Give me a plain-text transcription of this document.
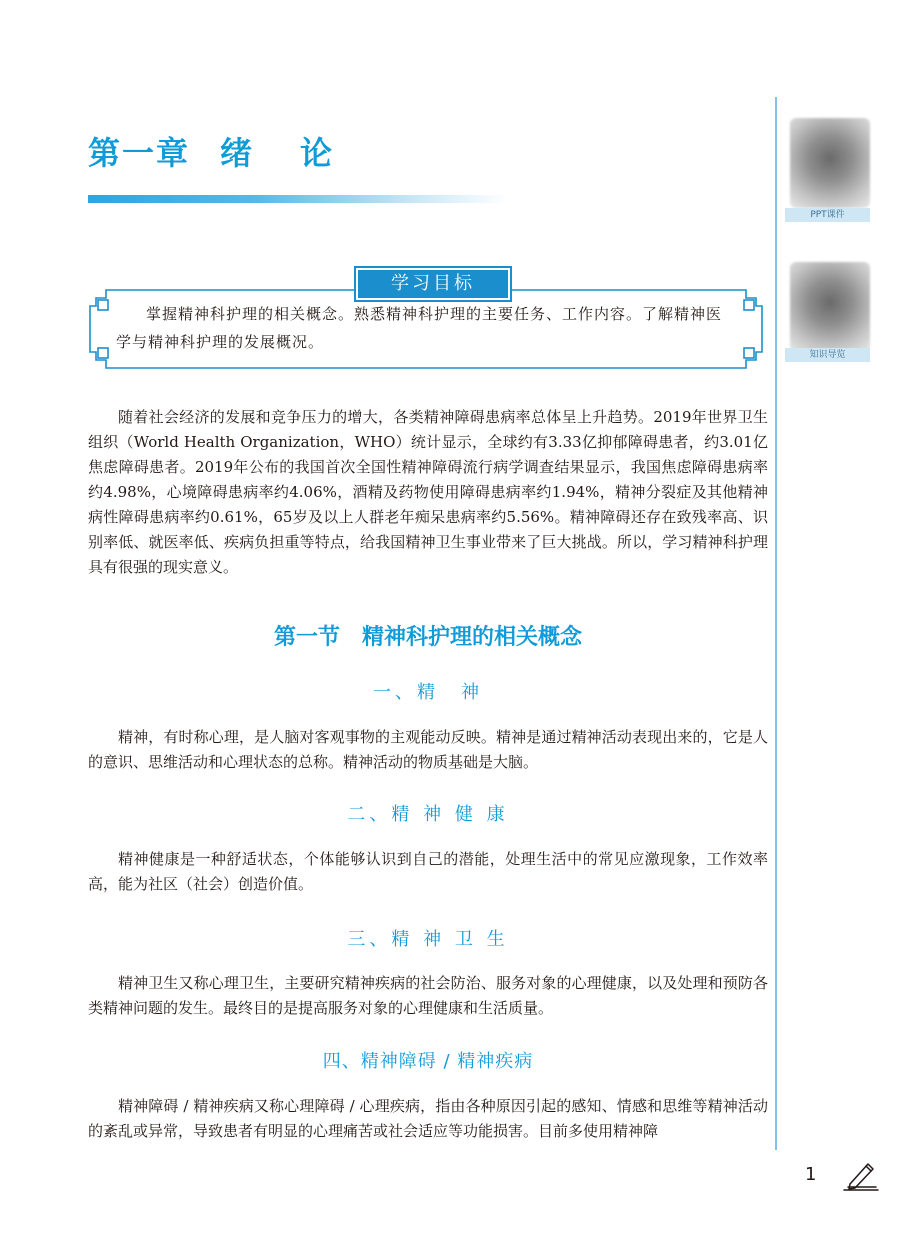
第一章 绪 论
PPT课件
知识导览
学习目标
掌握精神科护理的相关概念。熟悉精神科护理的主要任务、工作内容。了解精神医学与精神科护理的发展概况。
随着社会经济的发展和竞争压力的增大，各类精神障碍患病率总体呈上升趋势。2019年世界卫生组织（World Health Organization，WHO）统计显示，全球约有3.33亿抑郁障碍患者，约3.01亿焦虑障碍患者。2019年公布的我国首次全国性精神障碍流行病学调查结果显示，我国焦虑障碍患病率约4.98%，心境障碍患病率约4.06%，酒精及药物使用障碍患病率约1.94%，精神分裂症及其他精神病性障碍患病率约0.61%，65岁及以上人群老年痴呆患病率约5.56%。精神障碍还存在致残率高、识别率低、就医率低、疾病负担重等特点，给我国精神卫生事业带来了巨大挑战。所以，学习精神科护理具有很强的现实意义。
第一节　精神科护理的相关概念
一、精　神
精神，有时称心理，是人脑对客观事物的主观能动反映。精神是通过精神活动表现出来的，它是人的意识、思维活动和心理状态的总称。精神活动的物质基础是大脑。
二、精 神 健 康
精神健康是一种舒适状态，个体能够认识到自己的潜能，处理生活中的常见应激现象，工作效率高，能为社区（社会）创造价值。
三、精 神 卫 生
精神卫生又称心理卫生，主要研究精神疾病的社会防治、服务对象的心理健康，以及处理和预防各类精神问题的发生。最终目的是提高服务对象的心理健康和生活质量。
四、精神障碍 / 精神疾病
精神障碍 / 精神疾病又称心理障碍 / 心理疾病，指由各种原因引起的感知、情感和思维等精神活动的紊乱或异常，导致患者有明显的心理痛苦或社会适应等功能损害。目前多使用精神障
1
